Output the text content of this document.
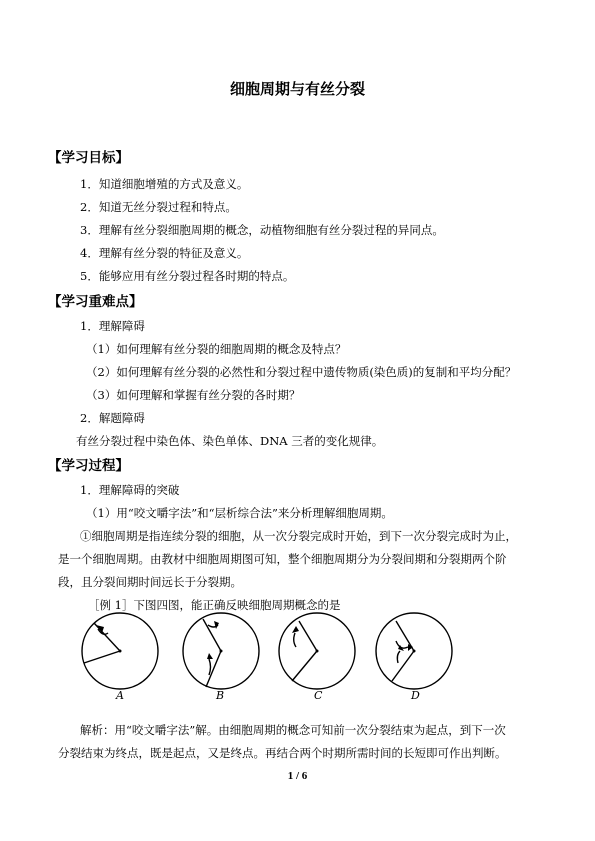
细胞周期与有丝分裂
【学习目标】
1．知道细胞增殖的方式及意义。
2．知道无丝分裂过程和特点。
3．理解有丝分裂细胞周期的概念，动植物细胞有丝分裂过程的异同点。
4．理解有丝分裂的特征及意义。
5．能够应用有丝分裂过程各时期的特点。
【学习重难点】
1．理解障碍
（1）如何理解有丝分裂的细胞周期的概念及特点？
（2）如何理解有丝分裂的必然性和分裂过程中遗传物质(染色质)的复制和平均分配？
（3）如何理解和掌握有丝分裂的各时期？
2．解题障碍
有丝分裂过程中染色体、染色单体、DNA 三者的变化规律。
【学习过程】
1．理解障碍的突破
（1）用“咬文嚼字法”和“层析综合法”来分析理解细胞周期。
①细胞周期是指连续分裂的细胞，从一次分裂完成时开始，到下一次分裂完成时为止，
是一个细胞周期。由教材中细胞周期图可知，整个细胞周期分为分裂间期和分裂期两个阶
段，且分裂间期时间远长于分裂期。
［例 1］下图四图，能正确反映细胞周期概念的是
A	B	C	D
解析：用“咬文嚼字法”解。由细胞周期的概念可知前一次分裂结束为起点，到下一次
分裂结束为终点，既是起点，又是终点。再结合两个时期所需时间的长短即可作出判断。
1 / 6
